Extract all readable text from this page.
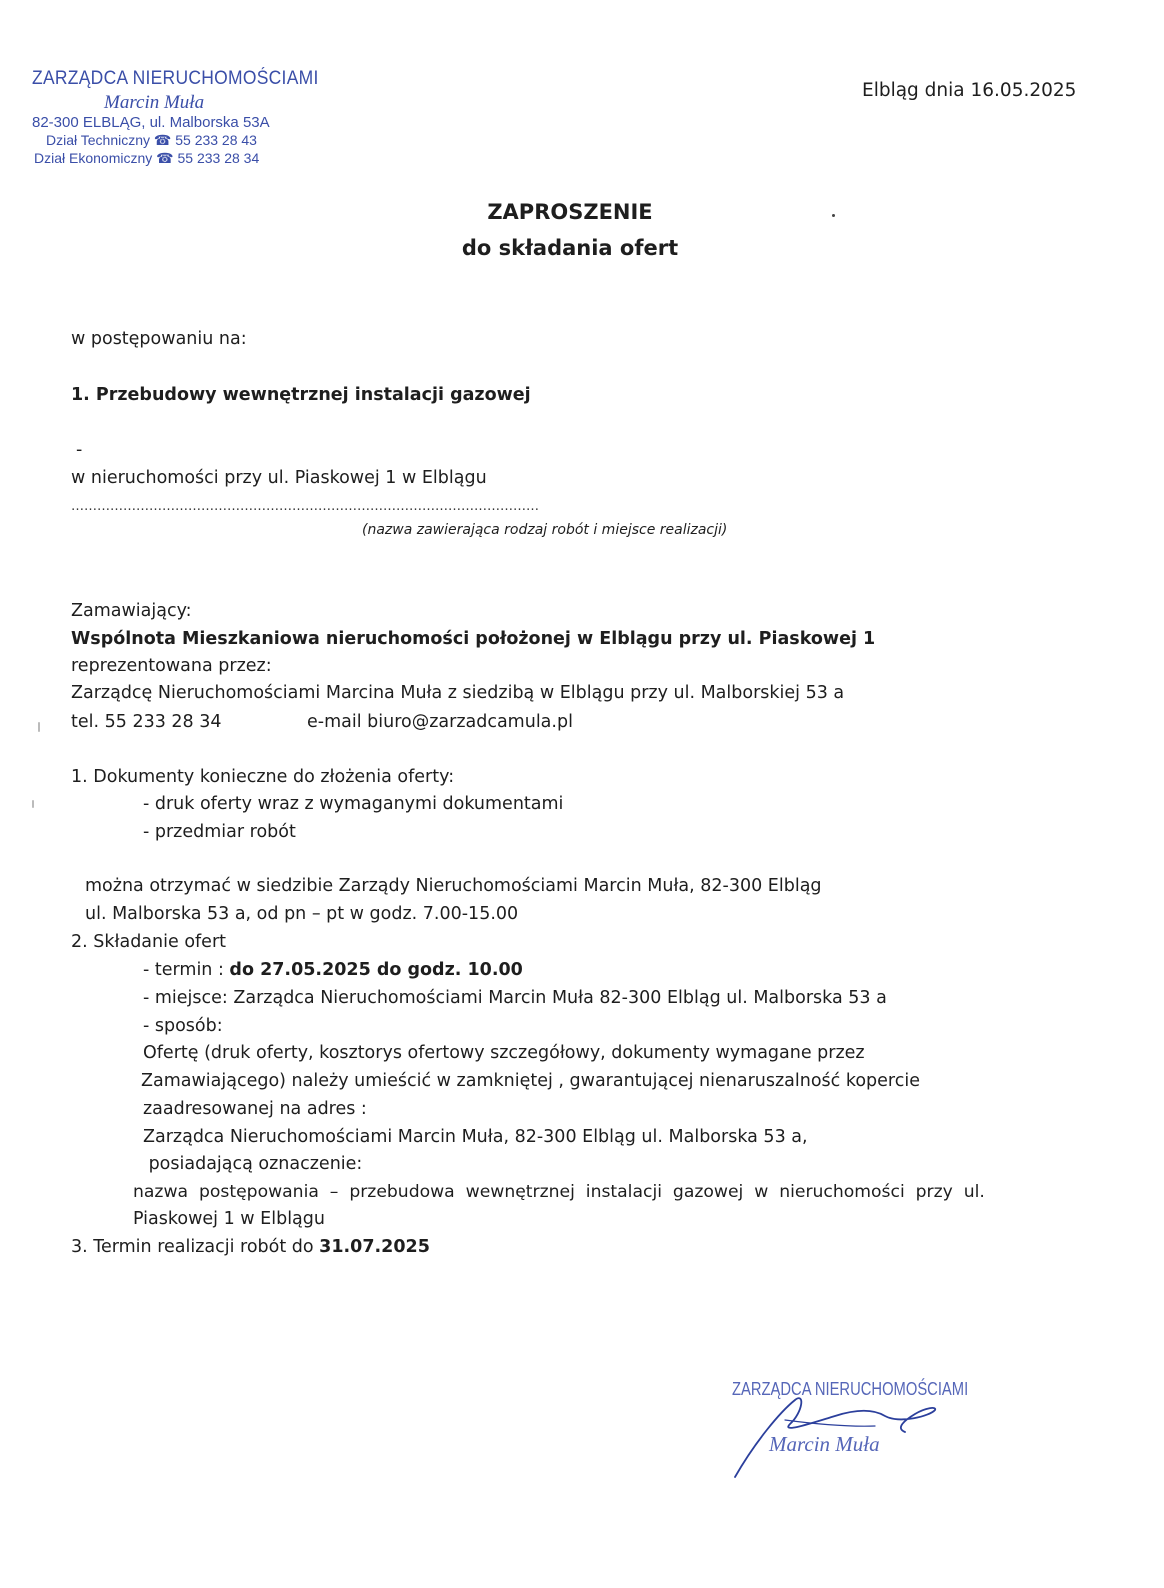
ZARZĄDCA NIERUCHOMOŚCIAMI

Marcin Muła

82-300 ELBLĄG, ul. Malborska 53A

Dział Techniczny ☎ 55 233 28 43

Dział Ekonomiczny ☎ 55 233 28 34

Elbląg dnia 16.05.2025

ZAPROSZENIE

do składania ofert

w postępowaniu na:

1. Przebudowy wewnętrznej instalacji gazowej

-

w nieruchomości przy ul. Piaskowej 1 w Elblągu

………………………………………………………………………………………………

(nazwa zawierająca rodzaj robót i miejsce realizacji)

Zamawiający:

Wspólnota Mieszkaniowa nieruchomości położonej w Elblągu przy ul. Piaskowej 1

reprezentowana przez:

Zarządcę Nieruchomościami Marcina Muła z siedzibą w Elblągu przy ul. Malborskiej 53 a

tel. 55 233 28 34	e-mail biuro@zarzadcamula.pl

1. Dokumenty konieczne do złożenia oferty:

- druk oferty wraz z wymaganymi dokumentami

- przedmiar robót

można otrzymać w siedzibie Zarządy Nieruchomościami Marcin Muła, 82-300 Elbląg

ul. Malborska 53 a, od pn – pt w godz. 7.00-15.00

2. Składanie ofert

- termin : do 27.05.2025 do godz. 10.00

- miejsce: Zarządca Nieruchomościami Marcin Muła 82-300 Elbląg ul. Malborska 53 a

- sposób:

Ofertę (druk oferty, kosztorys ofertowy szczegółowy, dokumenty wymagane przez

Zamawiającego) należy umieścić w zamkniętej , gwarantującej nienaruszalność kopercie

zaadresowanej na adres :

Zarządca Nieruchomościami Marcin Muła, 82-300 Elbląg ul. Malborska 53 a,

posiadającą oznaczenie:

nazwa  postępowania  –  przebudowa  wewnętrznej  instalacji  gazowej  w  nieruchomości  przy  ul.

Piaskowej 1 w Elblągu

3. Termin realizacji robót do 31.07.2025

ZARZĄDCA NIERUCHOMOŚCIAMI

Marcin Muła
